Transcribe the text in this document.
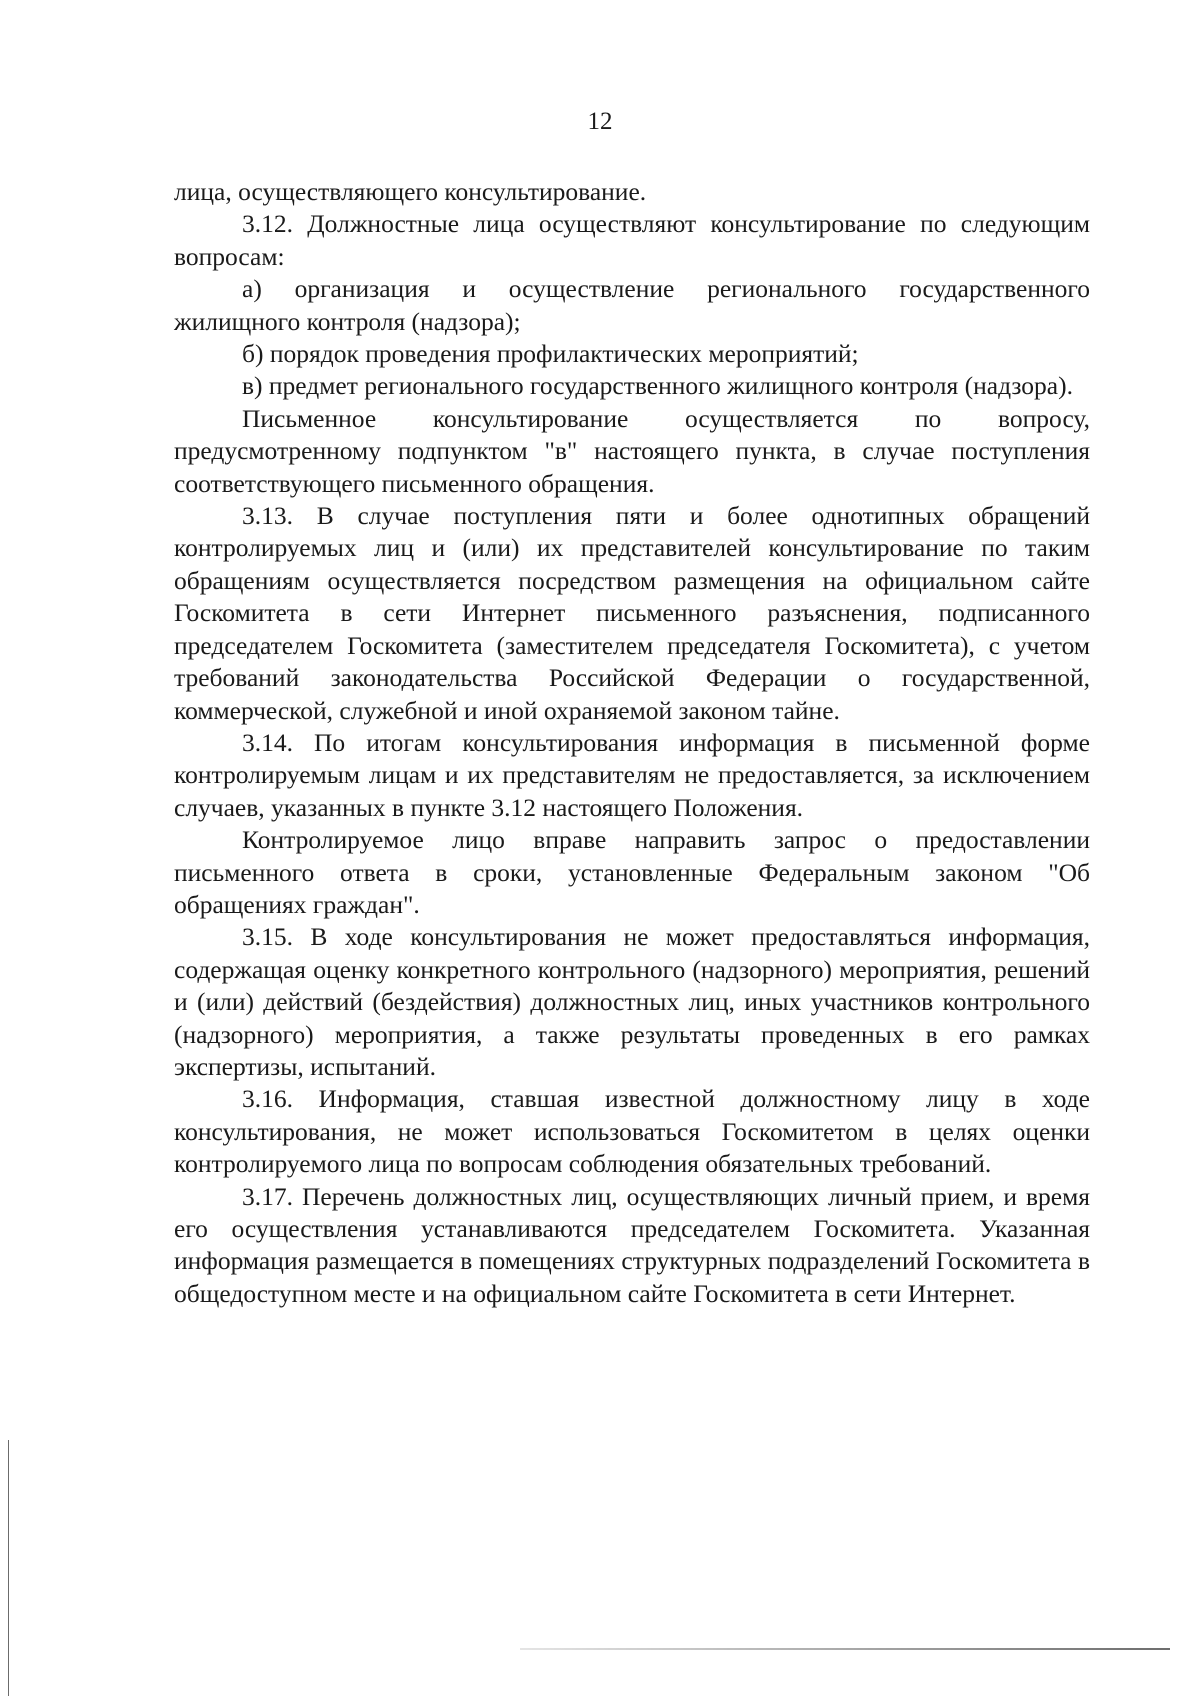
12

лица, осуществляющего консультирование.

3.12. Должностные лица осуществляют консультирование по следующим вопросам:

а) организация и осуществление регионального государственного жилищного контроля (надзора);

б) порядок проведения профилактических мероприятий;

в) предмет регионального государственного жилищного контроля (надзора).

Письменное консультирование осуществляется по вопросу, предусмотренному подпунктом "в" настоящего пункта, в случае поступления соответствующего письменного обращения.

3.13. В случае поступления пяти и более однотипных обращений контролируемых лиц и (или) их представителей консультирование по таким обращениям осуществляется посредством размещения на официальном сайте Госкомитета в сети Интернет письменного разъяснения, подписанного председателем Госкомитета (заместителем председателя Госкомитета), с учетом требований законодательства Российской Федерации о государственной, коммерческой, служебной и иной охраняемой законом тайне.

3.14. По итогам консультирования информация в письменной форме контролируемым лицам и их представителям не предоставляется, за исключением случаев, указанных в пункте 3.12 настоящего Положения.

Контролируемое лицо вправе направить запрос о предоставлении письменного ответа в сроки, установленные Федеральным законом "Об обращениях граждан".

3.15. В ходе консультирования не может предоставляться информация, содержащая оценку конкретного контрольного (надзорного) мероприятия, решений и (или) действий (бездействия) должностных лиц, иных участников контрольного (надзорного) мероприятия, а также результаты проведенных в его рамках экспертизы, испытаний.

3.16. Информация, ставшая известной должностному лицу в ходе консультирования, не может использоваться Госкомитетом в целях оценки контролируемого лица по вопросам соблюдения обязательных требований.

3.17. Перечень должностных лиц, осуществляющих личный прием, и время его осуществления устанавливаются председателем Госкомитета. Указанная информация размещается в помещениях структурных подразделений Госкомитета в общедоступном месте и на официальном сайте Госкомитета в сети Интернет.
